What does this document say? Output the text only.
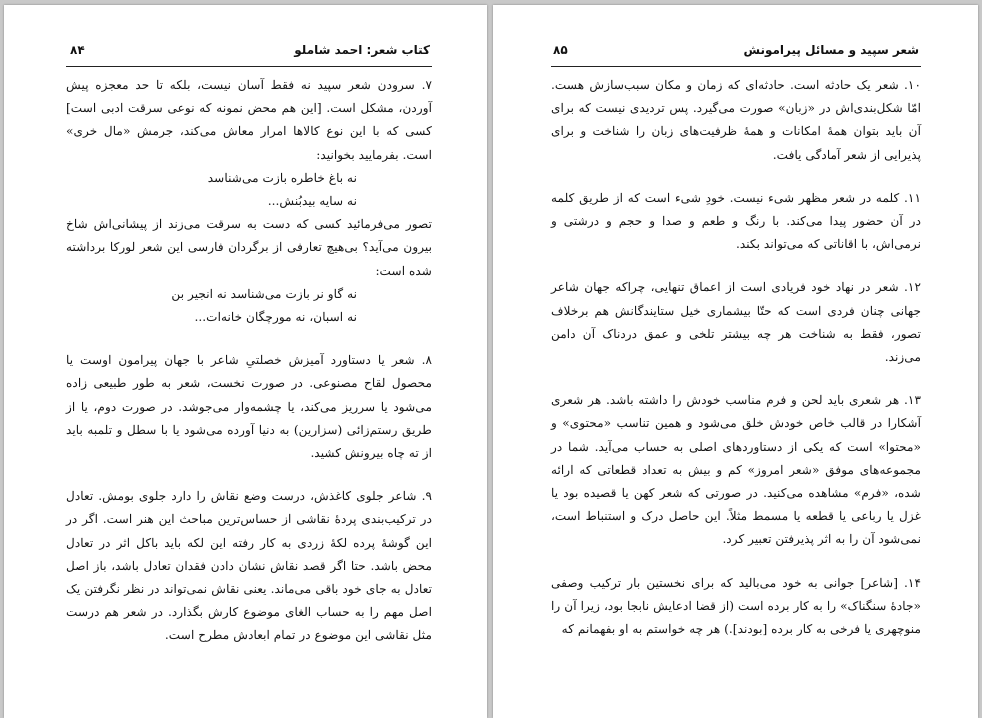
کتاب شعر: احمد شاملو
۸۴

۷. سرودن شعر سپید نه فقط آسان نیست، بلکه تا حد معجزه پیش آوردن، مشکل است. [این هم محض نمونه که نوعی سرقت ادبی است] کسی که با این نوع کالاها امرار معاش می‌کند، جرمش «مال خری» است. بفرمایید بخوانید:

نه باغ خاطره بازت می‌شناسد

نه سایه بیدبُنش...

تصور می‌فرمائید کسی که دست به سرقت می‌زند از پیشانی‌اش شاخ بیرون می‌آید؟ بی‌هیچ تعارفی از برگردان فارسی این شعر لورکا برداشته شده است:

نه گاو نر بازت می‌شناسد نه انجیر بن

نه اسبان، نه مورچگان خانه‌ات...

۸. شعر یا دستاورد آمیزش خصلتیِ شاعر با جهان پیرامون اوست یا محصول لقاح مصنوعی. در صورت نخست، شعر به طور طبیعی زاده می‌شود یا سرریز می‌کند، یا چشمه‌وار می‌جوشد. در صورت دوم، یا از طریق رستم‌زائی (سزارین) به دنیا آورده می‌شود یا با سطل و تلمبه باید از ته چاه بیرونش کشید.

۹. شاعر جلوی کاغذش، درست وضع نقاش را دارد جلوی بومش. تعادل در ترکیب‌بندی پردهٔ نقاشی از حساس‌ترین مباحث این هنر است. اگر در این گوشهٔ پرده لکهٔ زردی به کار رفته این لکه باید باکل اثر در تعادل محض باشد. حتا اگر قصد نقاش نشان دادن فقدان تعادل باشد، باز اصل تعادل به جای خود باقی می‌ماند. یعنی نقاش نمی‌تواند در نظر نگرفتن یک اصل مهم را به حساب الغای موضوع کارش بگذارد. در شعر هم درست مثل نقاشی این موضوع در تمام ابعادش مطرح است.

شعر سپید و مسائل پیرامونش
۸۵

۱۰. شعر یک حادثه است. حادثه‌ای که زمان و مکان سبب‌سازش هست. امّا شکل‌بندی‌اش در «زبان» صورت می‌گیرد. پس تردیدی نیست که برای آن باید بتوان همهٔ امکانات و همهٔ ظرفیت‌های زبان را شناخت و برای پذیرایی از شعر آمادگی یافت.

۱۱. کلمه در شعر مظهر شیء نیست. خودِ شیء است که از طریق کلمه در آن حضور پیدا می‌کند. با رنگ و طعم و صدا و حجم و درشتی و نرمی‌اش، با اقاناتی که می‌تواند بکند.

۱۲. شعر در نهاد خود فریادی است از اعماق تنهایی، چراکه جهان شاعر جهانی چنان فردی است که حتّا بیشماری خیل ستایندگانش هم برخلاف تصور، فقط به شناخت هر چه بیشتر تلخی و عمق دردناک آن دامن می‌زند.

۱۳. هر شعری باید لحن و فرم مناسب خودش را داشته باشد. هر شعری آشکارا در قالب خاص خودش خلق می‌شود و همین تناسب «محتوی» و «محتوا» است که یکی از دستاوردهای اصلی به حساب می‌آید. شما در مجموعه‌های موفق «شعر امروز» کم و بیش به تعداد قطعاتی که ارائه شده، «فرم» مشاهده می‌کنید. در صورتی که شعر کهن یا قصیده بود یا غزل یا رباعی یا قطعه یا مسمط مثلاً. این حاصل درک و استنباط است، نمی‌شود آن را به اثر پذیرفتن تعبیر کرد.

۱۴. [شاعر] جوانی به خود می‌بالید که برای نخستین بار ترکیب وصفی «جادهٔ سنگناک» را به کار برده است (از قضا ادعایش نابجا بود، زیرا آن را منوچهری یا فرخی به کار برده [بودند].) هر چه خواستم به او بفهمانم که
